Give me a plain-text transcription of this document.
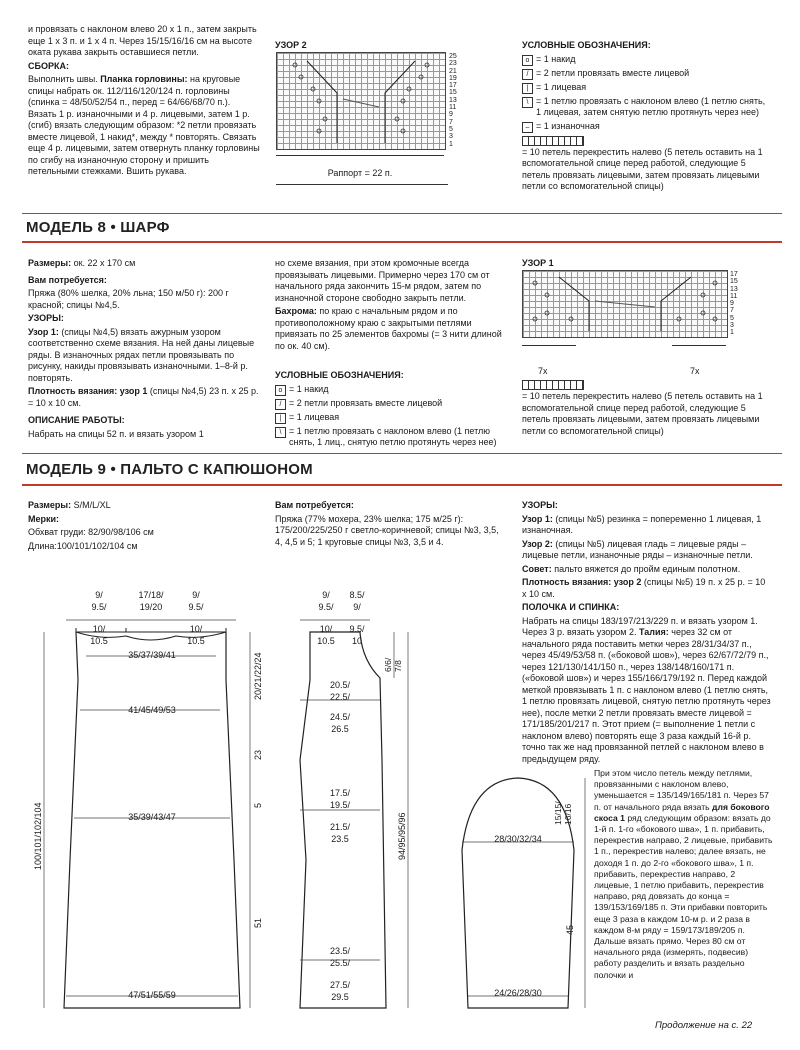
и провязать с наклоном влево 20 х 1 п., затем закрыть еще 1 х 3 п. и 1 х 4 п. Через 15/15/16/16 см на высоте оката рукава закрыть оставшиеся петли.

СБОРКА:

Выполнить швы. Планка горловины: на круговые спицы набрать ок. 112/116/120/124 п. горловины (спинка = 48/50/52/54 п., перед = 64/66/68/70 п.). Вязать 1 р. изнаночными и 4 р. лицевыми, затем 1 р. (сгиб) вязать следующим образом: *2 петли провязать вместе лицевой, 1 накид*, между * повторять. Связать еще 4 р. лицевыми, затем отвернуть планку горловины по сгибу на изнаночную сторону и пришить петельными стежками. Вшить рукава.

УЗОР 2
25
23
21
19
17
15
13
11
9
7
5
3
1
Раппорт = 22 п.

УСЛОВНЫЕ ОБОЗНАЧЕНИЯ:

o = 1 накид
/ = 2 петли провязать вместе лицевой
| = 1 лицевая
\ = 1 петлю провязать с наклоном влево (1 петлю снять, 1 лицевая, затем снятую петлю протянуть через нее)
– = 1 изнаночная

= 10 петель перекрестить налево (5 петель оставить на 1 вспомогательной спице перед работой, следующие 5 петель провязать лицевыми, затем провязать лицевыми петли со вспомогательной спицы)

МОДЕЛЬ 8 • ШАРФ

Размеры: ок. 22 х 170 см

Вам потребуется:

Пряжа (80% шелка, 20% льна; 150 м/50 г): 200 г красной; спицы №4,5.

УЗОРЫ:

Узор 1: (спицы №4,5) вязать ажурным узором соответственно схеме вязания. На ней даны лицевые ряды. В изнаночных рядах петли провязывать по рисунку, накиды провязывать изнаночными. 1–8-й р. повторять.

Плотность вязания: узор 1 (спицы №4,5) 23 п. х 25 р. = 10 х 10 см.

ОПИСАНИЕ РАБОТЫ:

Набрать на спицы 52 п. и вязать узором 1

но схеме вязания, при этом кромочные всегда провязывать лицевыми. Примерно через 170 см от начального ряда закончить 15-м рядом, затем по изнаночной стороне свободно закрыть петли.

Бахрома: по краю с начальным рядом и по противоположному краю с закрытыми петлями привязать по 25 элементов бахромы (= 3 нити длиной по ок. 40 см).

УСЛОВНЫЕ ОБОЗНАЧЕНИЯ:

o = 1 накид
/ = 2 петли провязать вместе лицевой
| = 1 лицевая
\ = 1 петлю провязать с наклоном влево (1 петлю снять, 1 лиц., снятую петлю протянуть через нее)
УЗОР 1
17
15
13
11
9
7
5
3
1
7x	7x
= 10 петель перекрестить налево (5 петель оставить на 1 вспомогательной спице перед работой, следующие 5 петель провязать лицевыми, затем провязать лицевыми петли со вспомогательной спицы)
МОДЕЛЬ 9 • ПАЛЬТО С КАПЮШОНОМ

Размеры: S/M/L/XL

Мерки:

Обхват груди: 82/90/98/106 см

Длина:100/101/102/104 см

Вам потребуется:

Пряжа (77% мохера, 23% шелка; 175 м/25 г): 175/200/225/250 г светло-коричневой; спицы №3, 3,5, 4, 4,5 и 5; 1 круговые спицы №3, 3,5 и 4.

УЗОРЫ:

Узор 1: (спицы №5) резинка = попеременно 1 лицевая, 1 изнаночная.

Узор 2: (спицы №5) лицевая гладь = лицевые ряды – лицевые петли, изнаночные ряды – изнаночные петли.

Совет: пальто вяжется до пройм единым полотном.

Плотность вязания: узор 2 (спицы №5) 19 п. х 25 р. = 10 х 10 см.

ПОЛОЧКА И СПИНКА:

Набрать на спицы 183/197/213/229 п. и вязать узором 1. Через 3 р. вязать узором 2. Талия: через 32 см от начального ряда поставить метки через 28/31/34/37 п., через 45/49/53/58 п. («боковой шов»), через 62/67/72/79 п., через 121/130/141/150 п., через 138/148/160/171 п. («боковой шов») и через 155/166/179/192 п. Перед каждой меткой провязывать 1 п. с наклоном влево (1 петлю снять, 1 петлю провязать лицевой, снятую петлю протянуть через нее), после метки 2 петли провязать вместе лицевой = 171/185/201/217 п. Этот прием (= выполнение 1 петли с наклоном влево) повторять еще 3 раза каждый 16-й р. точно так же над провязанной петлей с наклоном влево в предыдущем ряду.

При этом число петель между петлями, провязанными с наклоном влево, уменьшается = 135/149/165/181 п. Через 57 п. от начального ряда вязать для бокового скоса 1 ряд следующим образом: вязать до 1-й п. 1-го «бокового шва», 1 п. прибавить, перекрестив направо, 2 лицевые, прибавить 1 п., перекрестив налево; далее вязать, не доходя 1 п. до 2-го «бокового шва», 1 п. прибавить, перекрестив направо, 2 лицевые, 1 петлю прибавить, перекрестив направо, ряд довязать до конца = 139/153/169/185 п. Эти прибавки повторить еще 3 раза в каждом 10-м р. и 2 раза в каждом 8-м ряду = 159/173/189/205 п. Дальше вязать прямо. Через 80 см от начального ряда (измерять, подвесив) работу разделить и вязать раздельно полочки и

Продолжение на с. 22
9/
9.5/
17/18/
19/20
9/
9.5/
10/
10.5
10/
10.5
35/37/39/41
41/45/49/53
35/39/43/47
47/51/55/59
20/21/22/24
23
5
51
100/101/102/104
9/
9.5/
8.5/
9/
10/
10.5
9.5/
10
20.5/
22.5/
24.5/
26.5
17.5/
19.5/
21.5/
23.5
23.5/
25.5/
27.5/
29.5
6/6/
7/8
94/95/95/96	28/30/32/34
24/26/28/30
15/15/
16/16
45
